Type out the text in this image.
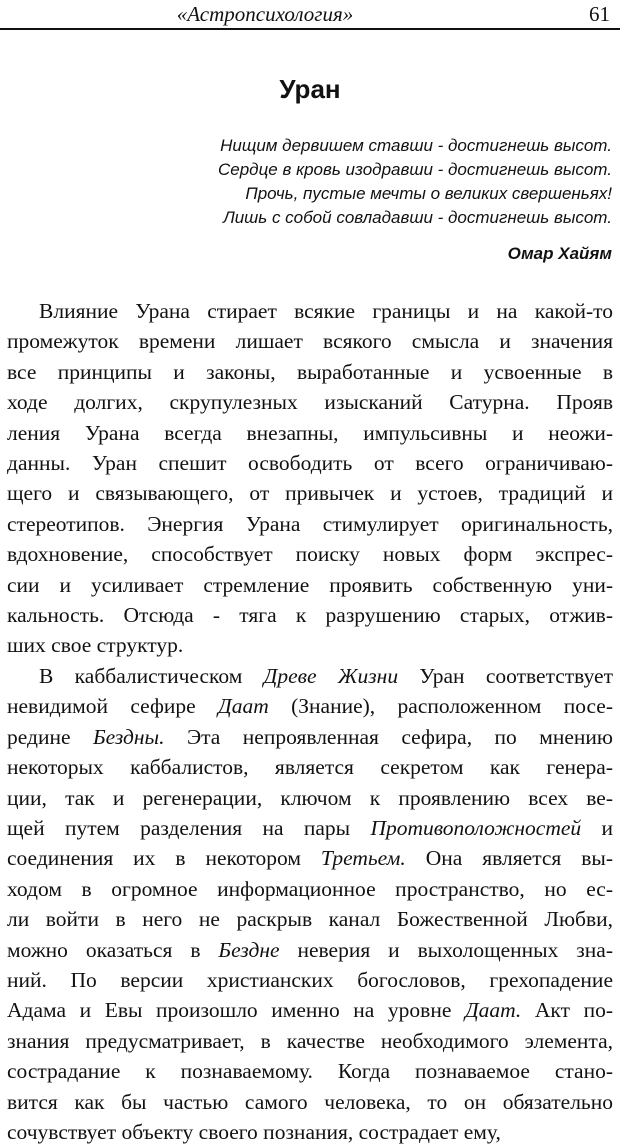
«Астропсихология»	61
Уран
Нищим дервишем ставши - достигнешь высот.
Сердце в кровь изодравши - достигнешь высот.
Прочь, пустые мечты о великих свершеньях!
Лишь с собой совладавши - достигнешь высот.
Омар Хайям
Влияние Урана стирает всякие границы и на какой-то
промежуток времени лишает всякого смысла и значения
все принципы и законы, выработанные и усвоенные в
ходе долгих, скрупулезных изысканий Сатурна. Прояв
ления Урана всегда внезапны, импульсивны и неожи-
данны. Уран спешит освободить от всего ограничиваю-
щего и связывающего, от привычек и устоев, традиций и
стереотипов. Энергия Урана стимулирует оригинальность,
вдохновение, способствует поиску новых форм экспрес-
сии и усиливает стремление проявить собственную уни-
кальность. Отсюда - тяга к разрушению старых, отжив-
ших свое структур.
В каббалистическом Древе Жизни Уран соответствует
невидимой сефире Даат (Знание), расположенном посе-
редине Бездны. Эта непроявленная сефира, по мнению
некоторых каббалистов, является секретом как генера-
ции, так и регенерации, ключом к проявлению всех ве-
щей путем разделения на пары Противоположностей и
соединения их в некотором Третьем. Она является вы-
ходом в огромное информационное пространство, но ес-
ли войти в него не раскрыв канал Божественной Любви,
можно оказаться в Бездне неверия и выхолощенных зна-
ний. По версии христианских богословов, грехопадение
Адама и Евы произошло именно на уровне Даат. Акт по-
знания предусматривает, в качестве необходимого элемента,
сострадание к познаваемому. Когда познаваемое стано-
вится как бы частью самого человека, то он обязательно
сочувствует объекту своего познания, сострадает ему,
